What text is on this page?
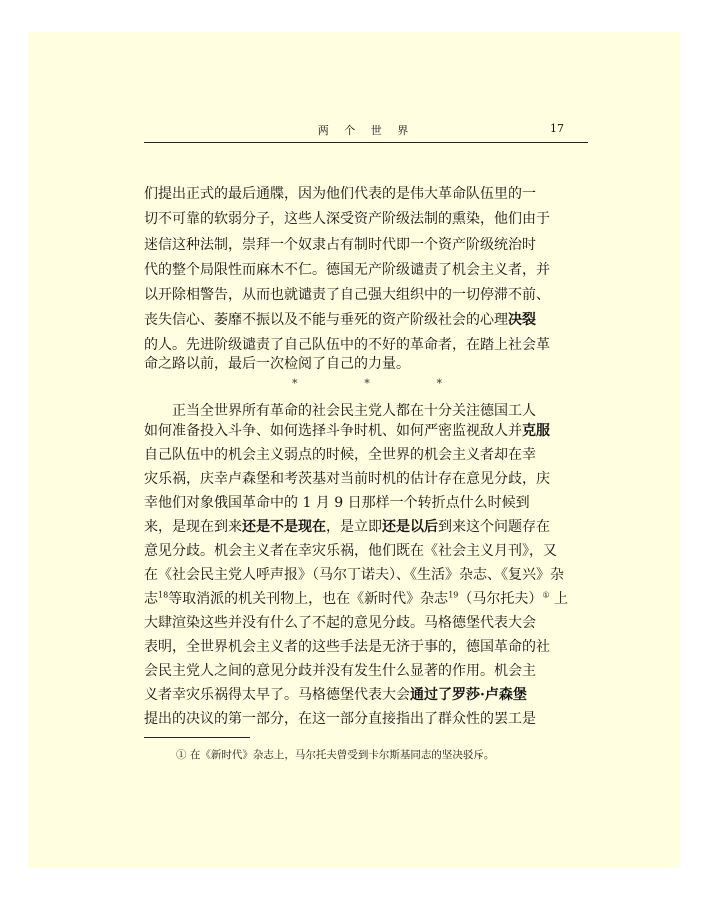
两 个 世 界	17
们提出正式的最后通牒，因为他们代表的是伟大革命队伍里的一
切不可靠的软弱分子，这些人深受资产阶级法制的熏染，他们由于
迷信这种法制，崇拜一个奴隶占有制时代即一个资产阶级统治时
代的整个局限性而麻木不仁。德国无产阶级谴责了机会主义者，并
以开除相警告，从而也就谴责了自己强大组织中的一切停滞不前、
丧失信心、萎靡不振以及不能与垂死的资产阶级社会的心理决裂
的人。先进阶级谴责了自己队伍中的不好的革命者，在踏上社会革
命之路以前，最后一次检阅了自己的力量。
*	*	*
正当全世界所有革命的社会民主党人都在十分关注德国工人
如何准备投入斗争、如何选择斗争时机、如何严密监视敌人并克服
自己队伍中的机会主义弱点的时候，全世界的机会主义者却在幸
灾乐祸，庆幸卢森堡和考茨基对当前时机的估计存在意见分歧，庆
幸他们对象俄国革命中的 1 月 9 日那样一个转折点什么时候到
来，是现在到来还是不是现在，是立即还是以后到来这个问题存在
意见分歧。机会主义者在幸灾乐祸，他们既在《社会主义月刊》，又
在《社会民主党人呼声报》（马尔丁诺夫）、《生活》杂志、《复兴》杂
志$^{18}$等取消派的机关刊物上，也在《新时代》杂志$^{19}$（马尔托夫）① 上
大肆渲染这些并没有什么了不起的意见分歧。马格德堡代表大会
表明，全世界机会主义者的这些手法是无济于事的，德国革命的社
会民主党人之间的意见分歧并没有发生什么显著的作用。机会主
义者幸灾乐祸得太早了。马格德堡代表大会通过了罗莎·卢森堡
提出的决议的第一部分，在这一部分直接指出了群众性的罢工是
① 在《新时代》杂志上，马尔托夫曾受到卡尔斯基同志的坚决驳斥。
